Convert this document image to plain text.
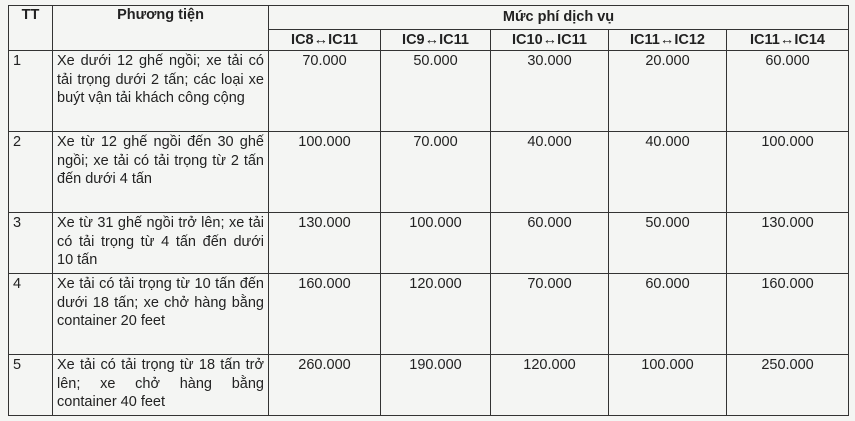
TT	Phương tiện	Mức phí dịch vụ				
		IC8↔IC11	IC9↔IC11	IC10↔IC11	IC11↔IC12	IC11↔IC14
1	Xe dưới 12 ghế ngồi; xe tải có tải trọng dưới 2 tấn; các loại xe buýt vận tải khách công cộng	70.000	50.000	30.000	20.000	60.000
2	Xe từ 12 ghế ngồi đến 30 ghế ngồi; xe tải có tải trọng từ 2 tấn đến dưới 4 tấn	100.000	70.000	40.000	40.000	100.000
3	Xe từ 31 ghế ngồi trở lên; xe tải có tải trọng từ 4 tấn đến dưới 10 tấn	130.000	100.000	60.000	50.000	130.000
4	Xe tải có tải trọng từ 10 tấn đến dưới 18 tấn; xe chở hàng bằng container 20 feet	160.000	120.000	70.000	60.000	160.000
5	Xe tải có tải trọng từ 18 tấn trở lên; xe chở hàng bằng container 40 feet	260.000	190.000	120.000	100.000	250.000
